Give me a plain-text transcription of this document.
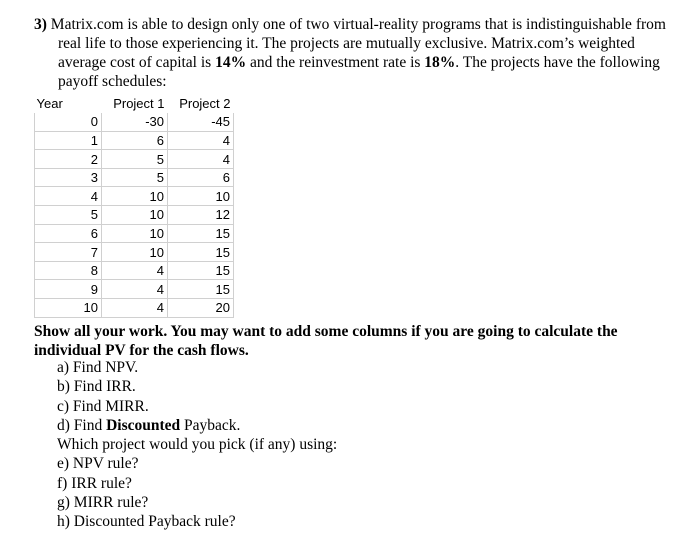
3) Matrix.com is able to design only one of two virtual-reality programs that is indistinguishable from
real life to those experiencing it. The projects are mutually exclusive. Matrix.com’s weighted
average cost of capital is 14% and the reinvestment rate is 18%. The projects have the following
payoff schedules:
Year	Project 1	Project 2
0	-30	-45
1	6	4
2	5	4
3	5	6
4	10	10
5	10	12
6	10	15
7	10	15
8	4	15
9	4	15
10	4	20
Show all your work. You may want to add some columns if you are going to calculate the
individual PV for the cash flows.
a) Find NPV.
b) Find IRR.
c) Find MIRR.
d) Find Discounted Payback.
Which project would you pick (if any) using:
e) NPV rule?
f) IRR rule?
g) MIRR rule?
h) Discounted Payback rule?
